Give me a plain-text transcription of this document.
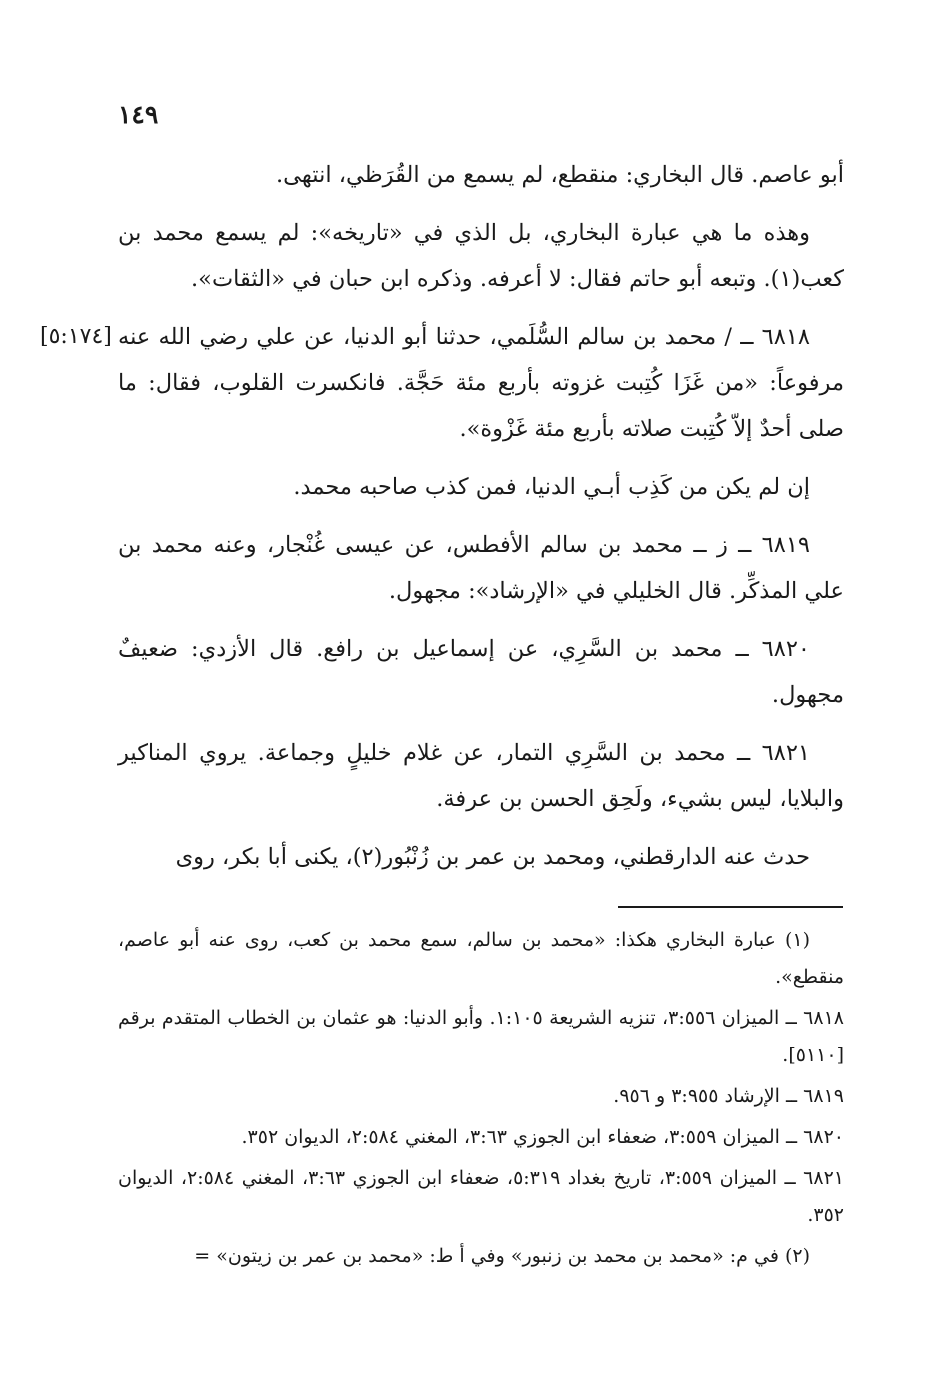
١٤٩
[٥:١٧٤]

أبو عاصم. قال البخاري: منقطع، لم يسمع من القُرَظي، انتهى.

وهذه ما هي عبارة البخاري، بل الذي في «تاريخه»: لم يسمع محمد بن كعب(١). وتبعه أبو حاتم فقال: لا أعرفه. وذكره ابن حبان في «الثقات».

٦٨١٨ ــ / محمد بن سالم السُّلَمي، حدثنا أبو الدنيا، عن علي رضي الله عنه مرفوعاً: «من غَزَا كُتِبت غزوته بأربع مئة حَجَّة. فانكسرت القلوب، فقال: ما صلى أحدٌ إلاّ كُتِبت صلاته بأربع مئة غَزْوة».

إن لم يكن من كَذِب أبـي الدنيا، فمن كذب صاحبه محمد.

٦٨١٩ ــ ز ــ محمد بن سالم الأفطس، عن عيسى غُنْجار، وعنه محمد بن علي المذكِّر. قال الخليلي في «الإرشاد»: مجهول.

٦٨٢٠ ــ محمد بن السَّرِي، عن إسماعيل بن رافع. قال الأزدي: ضعيفٌ مجهول.

٦٨٢١ ــ محمد بن السَّرِي التمار، عن غلام خليلٍ وجماعة. يروي المناكير والبلايا، ليس بشيء، ولَحِق الحسن بن عرفة.

حدث عنه الدارقطني، ومحمد بن عمر بن زُنْبُور(٢)، يكنى أبا بكر، روى

(١) عبارة البخاري هكذا: «محمد بن سالم، سمع محمد بن كعب، روى عنه أبو عاصم، منقطع».

٦٨١٨ ــ الميزان ٣:٥٥٦، تنزيه الشريعة ١:١٠٥. وأبو الدنيا: هو عثمان بن الخطاب المتقدم برقم [٥١١٠].

٦٨١٩ ــ الإرشاد ٣:٩٥٥ و ٩٥٦.

٦٨٢٠ ــ الميزان ٣:٥٥٩، ضعفاء ابن الجوزي ٣:٦٣، المغني ٢:٥٨٤، الديوان ٣٥٢.

٦٨٢١ ــ الميزان ٣:٥٥٩، تاريخ بغداد ٥:٣١٩، ضعفاء ابن الجوزي ٣:٦٣، المغني ٢:٥٨٤، الديوان ٣٥٢.

(٢) في م: «محمد بن محمد بن زنبور» وفي أ ط: «محمد بن عمر بن زيتون» =
